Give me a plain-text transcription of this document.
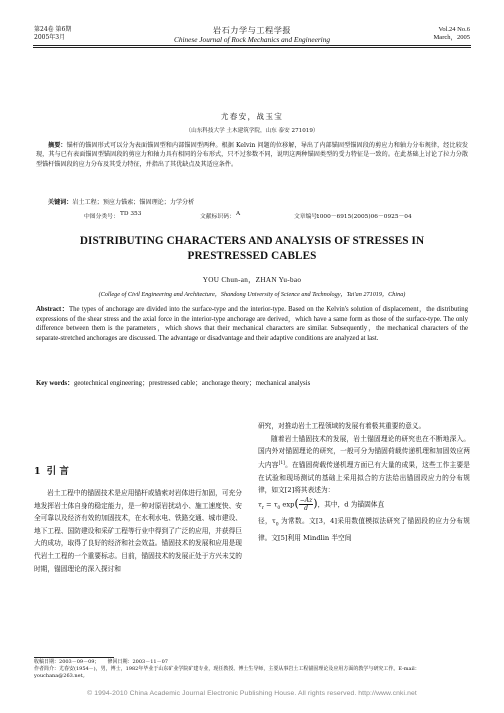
第24卷 第6期
2005年3月
岩石力学与工程学报
Chinese Journal of Rock Mechanics and Engineering
Vol.24 No.6
March，2005
尤春安，战玉宝
（山东科技大学 土木建筑学院，山东 泰安 271019）
摘要：锚杆的锚固形式可以分为表面锚固型和内部锚固型两种。根据 Kelvin 问题的位移解，导出了内部锚固型锚固段的剪应力和轴力分布规律，经比较发现，其与已有表面锚固型锚固段的剪应力和轴力具有相同的分布形式，只不过参数不同，说明这两种锚固类型的受力特征是一致的。在此基础上讨论了拉力分散型锚杆锚固段的应力分布及其受力特征，并指出了其优缺点及其适应条件。
关键词：岩土工程；预应力锚索；锚固理论；力学分析
中图分类号： TD 353	文献标识码： A	文章编号：
1000－6915(2005)06－0925－04
DISTRIBUTING CHARACTERS AND ANALYSIS OF STRESSES IN
PRESTRESSED CABLES
YOU Chun-an，ZHAN Yu-bao
(College of Civil Engineering and Architecture，Shandong University of Science and Technology，Tai'an 271019，China)
Abstract：The types of anchorage are divided into the surface-type and the interior-type. Based on the Kelvin's solution of displacement，the distributing expressions of the shear stress and the axial force in the interior-type anchorage are derived，which have a same form as those of the surface-type. The only difference between them is the parameters，which shows that their mechanical characters are similar. Subsequently，the mechanical characters of the separate-stretched anchorages are discussed. The advantage or disadvantage and their adaptive conditions are analyzed at last.
Key words：geotechnical engineering；prestressed cable；anchorage theory；mechanical analysis
1 引 言

岩土工程中的锚固技术是应用锚杆或锚索对岩体进行加固，可充分地发挥岩土体自身的稳定能力，是一种对原岩扰动小、施工速度快、安全可靠以及经济有效的加固技术，在水利水电、铁路交通、城市建设、地下工程、国防建设和采矿工程等行业中得到了广泛的应用，并获得巨大的成功，取得了良好的经济和社会效益。锚固技术的发展和应用是现代岩土工程的一个重要标志。目前，锚固技术的发展正处于方兴未艾的时期，锚固理论的深入探讨和

研究，对推动岩土工程领域的发展有着极其重要的意义。

随着岩土锚固技术的发展，岩土锚固理论的研究也在不断地深入。国内外对锚固理论的研究，一般可分为锚固荷载传递机理和加固效应两大内容[1]。在锚固荷载传递机理方面已有大量的成果，这些工作主要是在试验和现场测试的基础上采用拟合的方法给出锚固段应力的分布规律，如文[2]将其表述为：

$\tau_r = \tau_0$ $\exp( \frac{-Az}{d}$ )，其中，d 为锚固体直

径，$\tau_0$ 为常数。文[3，4]采用数值模拟法研究了锚固段的应力分布规律。文[5]利用 Mindlin 半空间

收稿日期：2003－09－09； 修回日期：2003－11－07
作者简介：尤春安(1954－)，男，博士，1982年毕业于山东矿业学院矿建专业，现任教授、博士生导师，主要从事岩土工程锚固理论及应用方面的教学与研究工作。E-mail：youchana@263.net。
© 1994-2010 China Academic Journal Electronic Publishing House. All rights reserved. http://www.cnki.net
